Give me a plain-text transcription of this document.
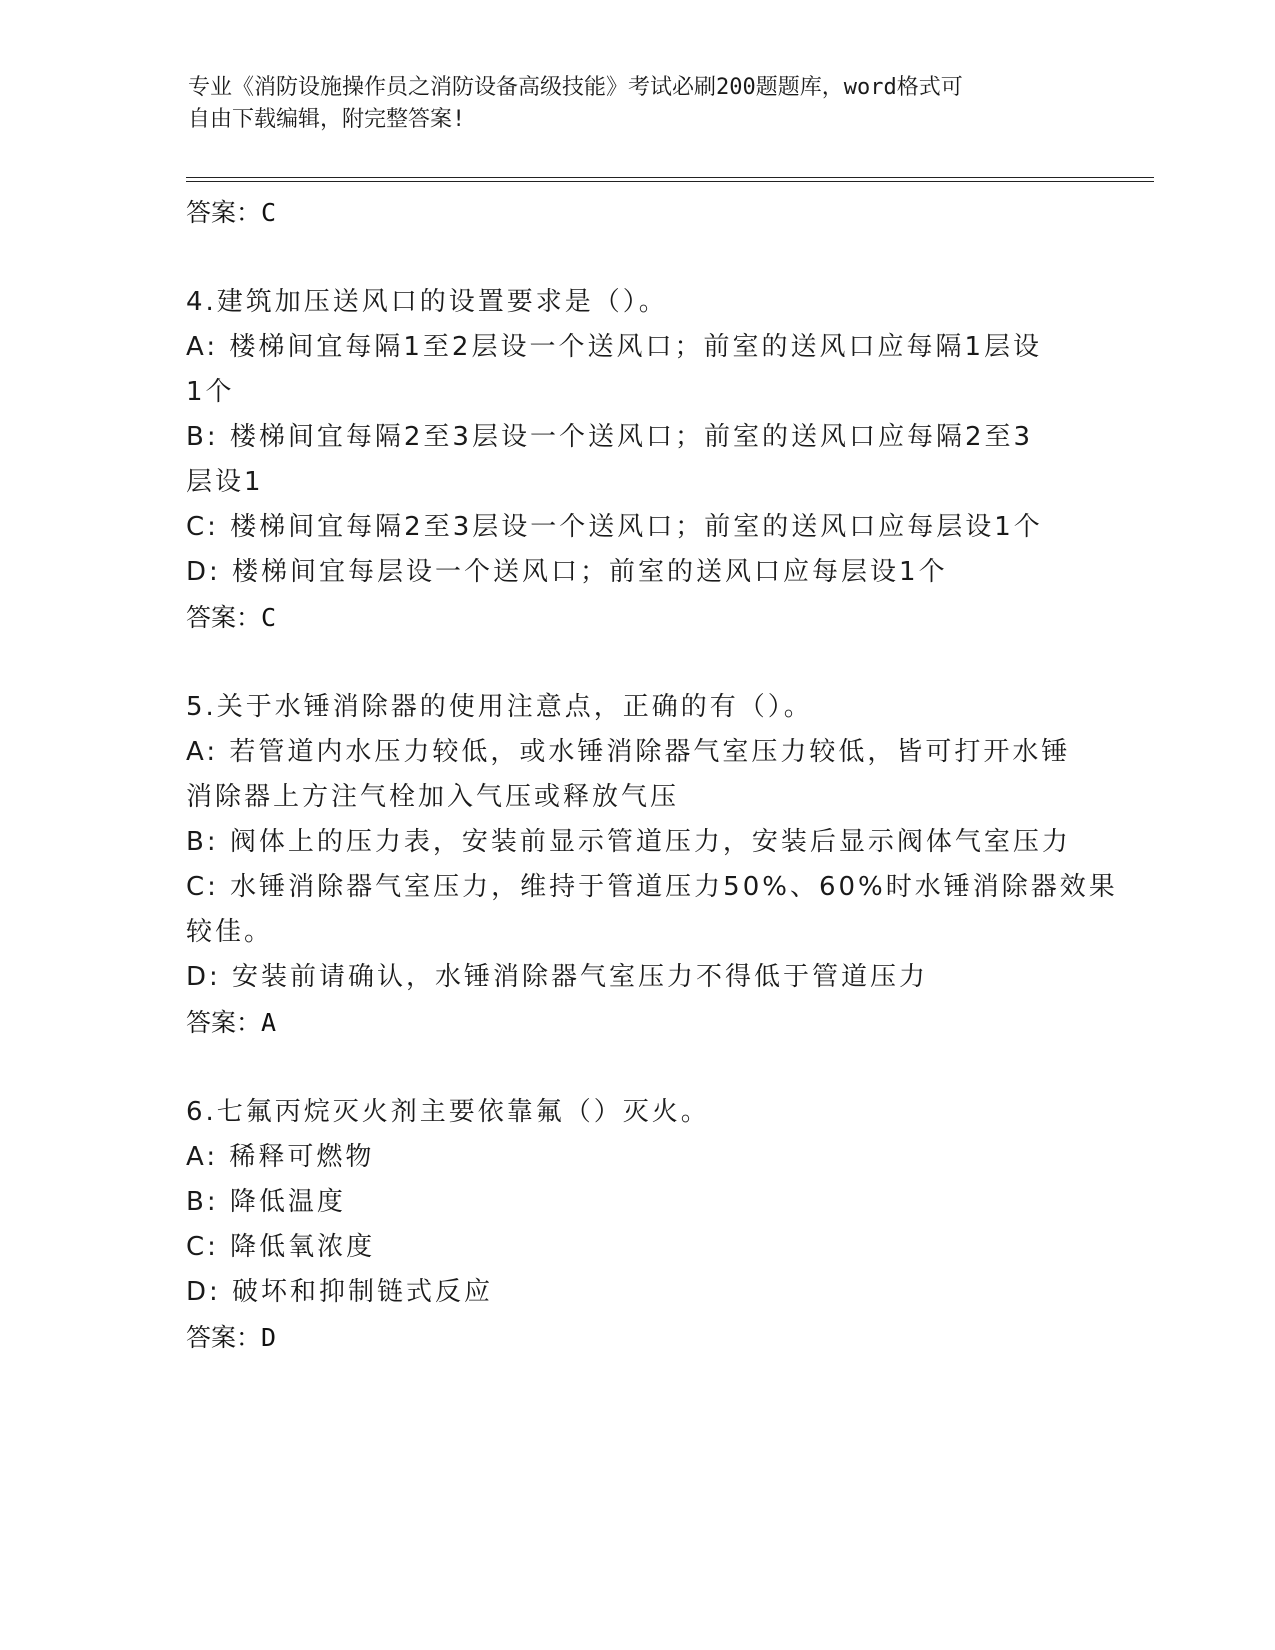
专业《消防设施操作员之消防设备高级技能》考试必刷200题题库，word格式可
自由下载编辑，附完整答案!
答案：C
4.建筑加压送风口的设置要求是（）。
A: 楼梯间宜每隔1至2层设一个送风口；前室的送风口应每隔1层设
1个
B: 楼梯间宜每隔2至3层设一个送风口；前室的送风口应每隔2至3
层设1
C: 楼梯间宜每隔2至3层设一个送风口；前室的送风口应每层设1个
D: 楼梯间宜每层设一个送风口；前室的送风口应每层设1个
答案：C
5.关于水锤消除器的使用注意点，正确的有（）。
A: 若管道内水压力较低，或水锤消除器气室压力较低，皆可打开水锤
消除器上方注气栓加入气压或释放气压
B: 阀体上的压力表，安装前显示管道压力，安装后显示阀体气室压力
C: 水锤消除器气室压力，维持于管道压力50%、60%时水锤消除器效果
较佳。
D: 安装前请确认，水锤消除器气室压力不得低于管道压力
答案：A
6.七氟丙烷灭火剂主要依靠氟（）灭火。
A: 稀释可燃物
B: 降低温度
C: 降低氧浓度
D: 破坏和抑制链式反应
答案：D
